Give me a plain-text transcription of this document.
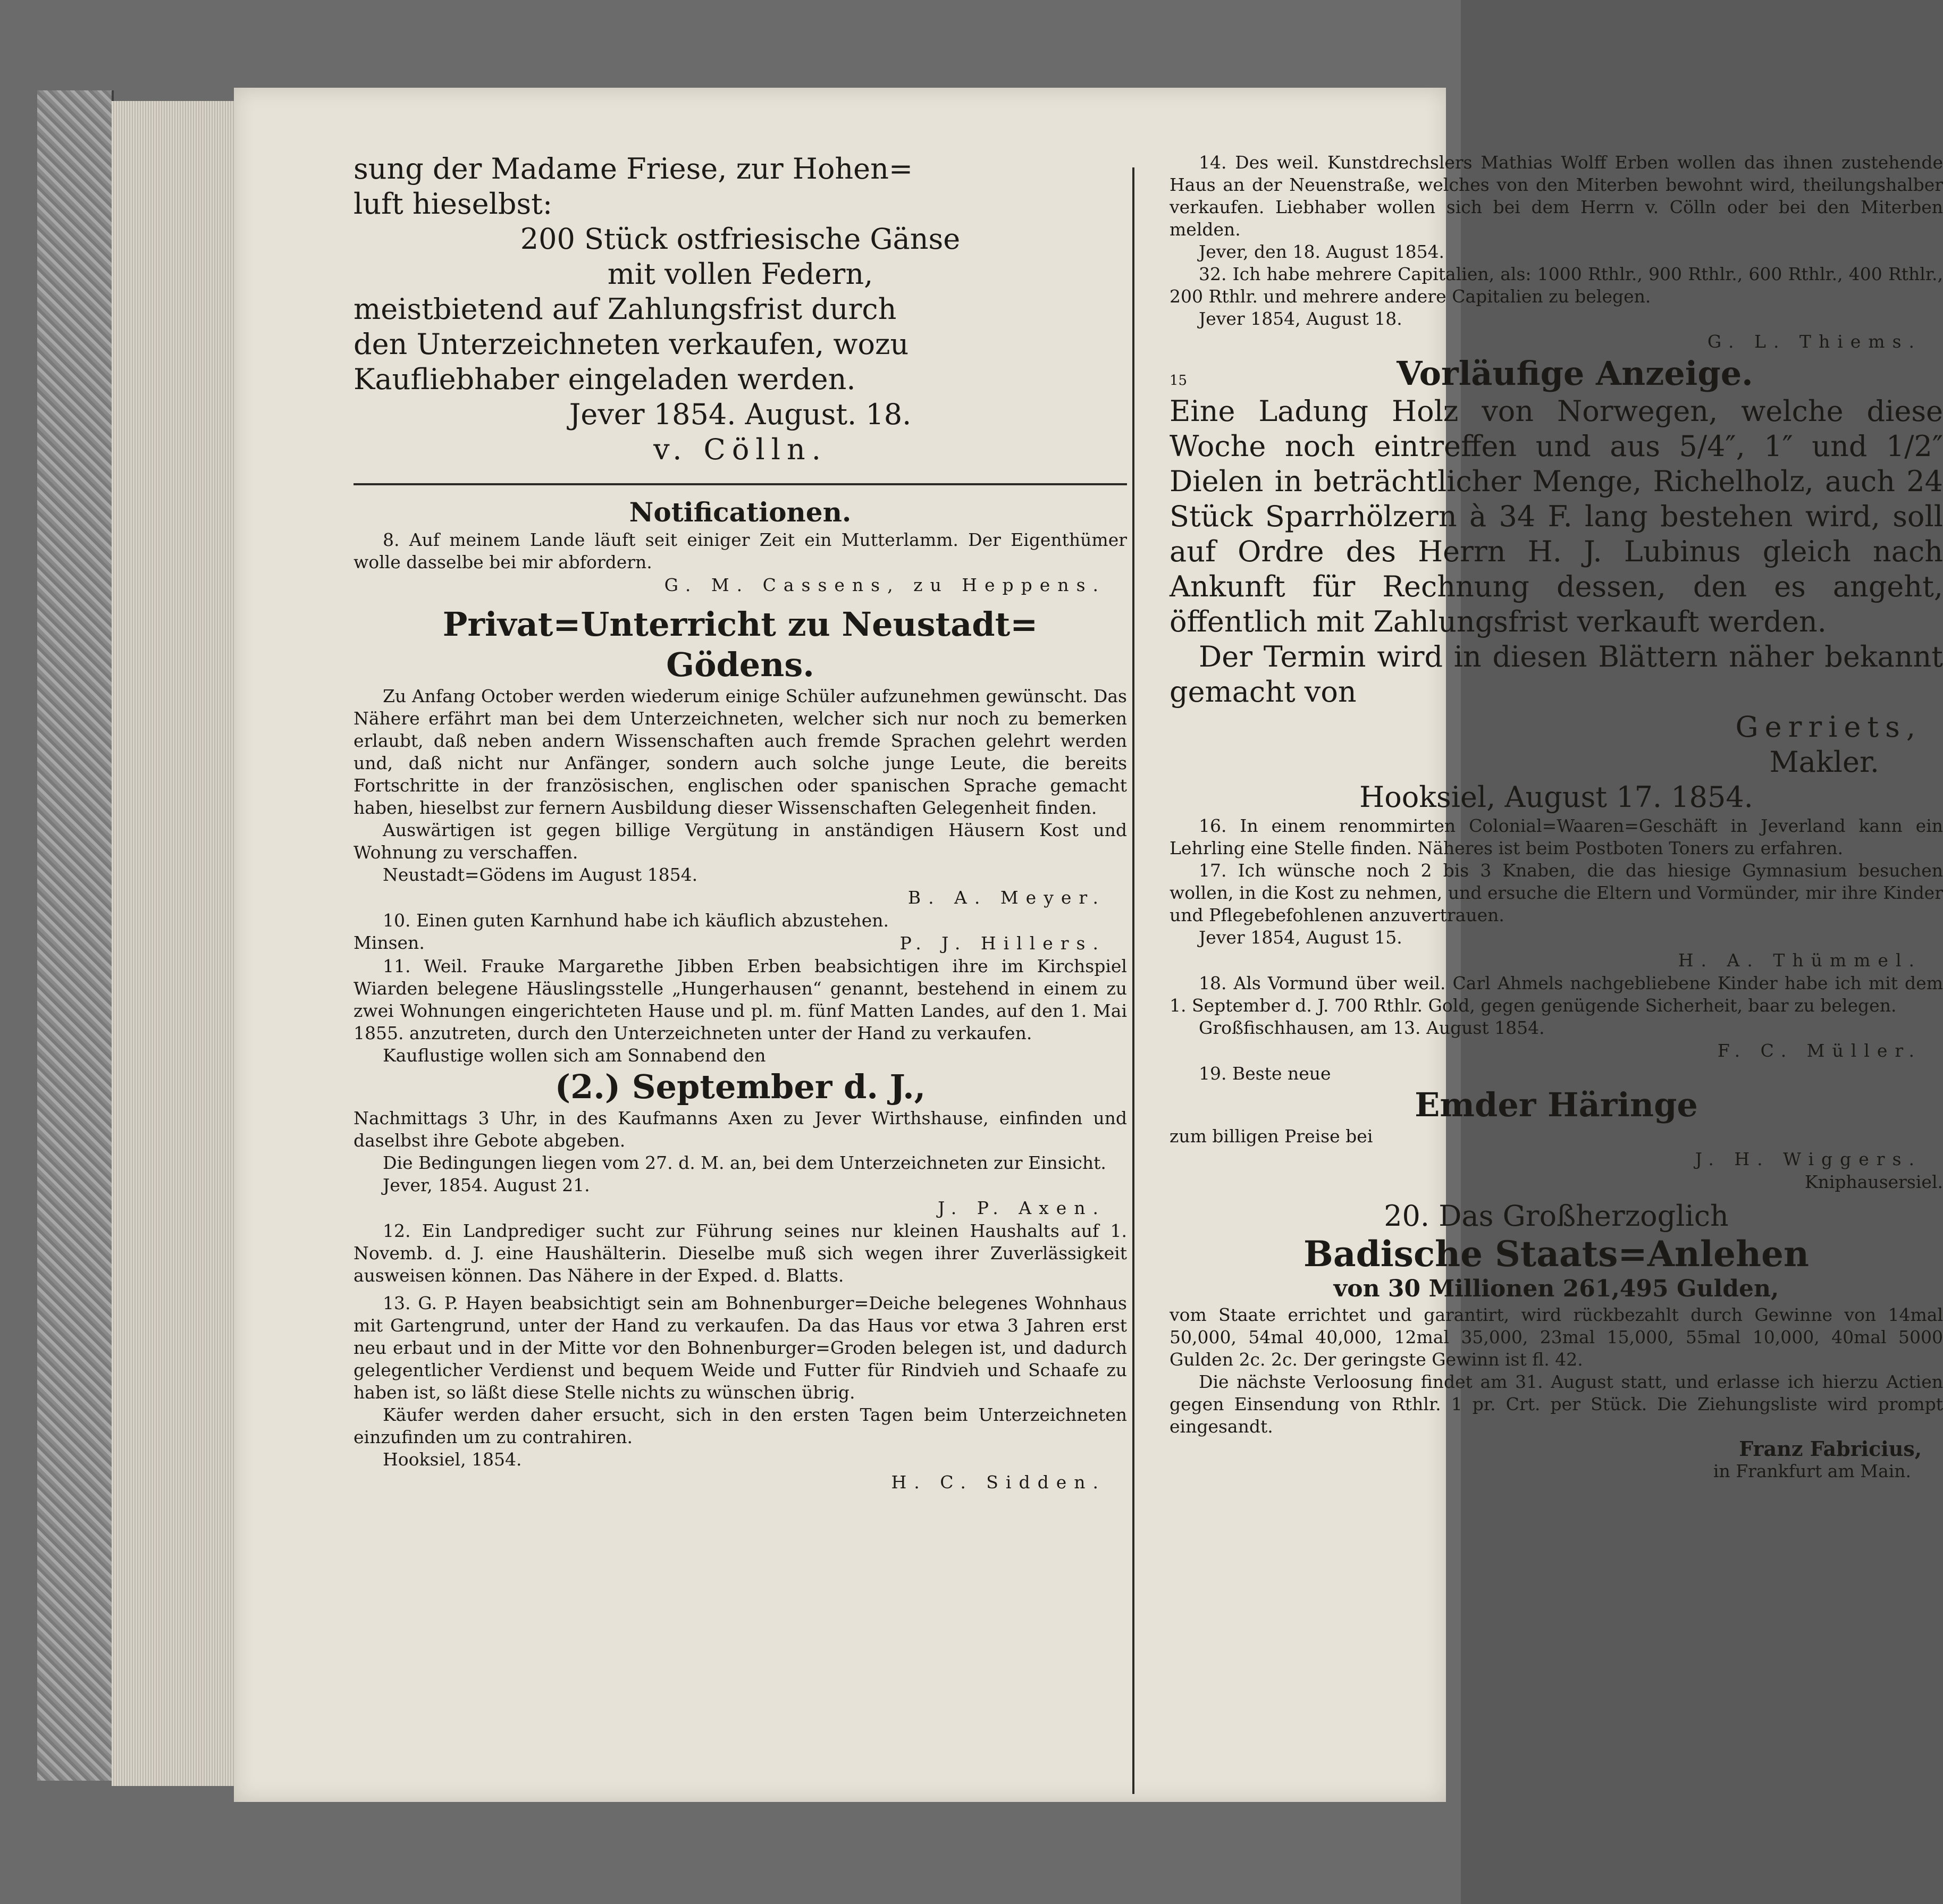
sung der Madame Friese, zur Hohen=

luft hieselbst:

200 Stück ostfriesische Gänse

mit vollen Federn,

meistbietend auf Zahlungsfrist durch

den Unterzeichneten verkaufen, wozu

Kaufliebhaber eingeladen werden.

Jever 1854. August. 18.

v. Cölln.

Notificationen.

8. Auf meinem Lande läuft seit einiger Zeit ein Mutterlamm. Der Eigenthümer wolle dasselbe bei mir abfordern.

G. M. Cassens, zu Heppens.

Privat=Unterricht zu Neustadt=

Gödens.

Zu Anfang October werden wiederum einige Schüler aufzunehmen gewünscht. Das Nähere erfährt man bei dem Unterzeichneten, welcher sich nur noch zu bemerken erlaubt, daß neben andern Wissenschaften auch fremde Sprachen gelehrt werden und, daß nicht nur Anfänger, sondern auch solche junge Leute, die bereits Fortschritte in der französischen, englischen oder spanischen Sprache gemacht haben, hieselbst zur fernern Ausbildung dieser Wissenschaften Gelegenheit finden.

Auswärtigen ist gegen billige Vergütung in anständigen Häusern Kost und Wohnung zu verschaffen.

Neustadt=Gödens im August 1854.

B. A. Meyer.

10. Einen guten Karnhund habe ich käuflich abzustehen.

Minsen.	P. J. Hillers.

11. Weil. Frauke Margarethe Jibben Erben beabsichtigen ihre im Kirchspiel Wiarden belegene Häuslingsstelle „Hungerhausen“ genannt, bestehend in einem zu zwei Wohnungen eingerichteten Hause und pl. m. fünf Matten Landes, auf den 1. Mai 1855. anzutreten, durch den Unterzeichneten unter der Hand zu verkaufen.

Kauflustige wollen sich am Sonnabend den

(2.) September d. J.,

Nachmittags 3 Uhr, in des Kaufmanns Axen zu Jever Wirthshause, einfinden und daselbst ihre Gebote abgeben.

Die Bedingungen liegen vom 27. d. M. an, bei dem Unterzeichneten zur Einsicht.

Jever, 1854. August 21.

J. P. Axen.

12. Ein Landprediger sucht zur Führung seines nur kleinen Haushalts auf 1. Novemb. d. J. eine Haushälterin. Dieselbe muß sich wegen ihrer Zuverlässigkeit ausweisen können. Das Nähere in der Exped. d. Blatts.

13. G. P. Hayen beabsichtigt sein am Bohnenburger=Deiche belegenes Wohnhaus mit Gartengrund, unter der Hand zu verkaufen. Da das Haus vor etwa 3 Jahren erst neu erbaut und in der Mitte vor den Bohnenburger=Groden belegen ist, und dadurch gelegentlicher Verdienst und bequem Weide und Futter für Rindvieh und Schaafe zu haben ist, so läßt diese Stelle nichts zu wünschen übrig.

Käufer werden daher ersucht, sich in den ersten Tagen beim Unterzeichneten einzufinden um zu contrahiren.

Hooksiel, 1854.

H. C. Sidden.

14. Des weil. Kunstdrechslers Mathias Wolff Erben wollen das ihnen zustehende Haus an der Neuenstraße, welches von den Miterben bewohnt wird, theilungshalber verkaufen. Liebhaber wollen sich bei dem Herrn v. Cölln oder bei den Miterben melden.

Jever, den 18. August 1854.

32. Ich habe mehrere Capitalien, als: 1000 Rthlr., 900 Rthlr., 600 Rthlr., 400 Rthlr., 200 Rthlr. und mehrere andere Capitalien zu belegen.

Jever 1854, August 18.

G. L. Thiems.

15	Vorläufige Anzeige.

Eine Ladung Holz von Norwegen, welche diese Woche noch eintreffen und aus 5/4″, 1″ und 1/2″ Dielen in beträchtlicher Menge, Richelholz, auch 24 Stück Sparrhölzern à 34 F. lang bestehen wird, soll auf Ordre des Herrn H. J. Lubinus gleich nach Ankunft für Rechnung dessen, den es angeht, öffentlich mit Zahlungsfrist verkauft werden.

Der Termin wird in diesen Blättern näher bekannt gemacht von

Gerriets,

Makler.

Hooksiel, August 17. 1854.

16. In einem renommirten Colonial=Waaren=Geschäft in Jeverland kann ein Lehrling eine Stelle finden. Näheres ist beim Postboten Toners zu erfahren.

17. Ich wünsche noch 2 bis 3 Knaben, die das hiesige Gymnasium besuchen wollen, in die Kost zu nehmen, und ersuche die Eltern und Vormünder, mir ihre Kinder und Pflegebefohlenen anzuvertrauen.

Jever 1854, August 15.

H. A. Thümmel.

18. Als Vormund über weil. Carl Ahmels nachgebliebene Kinder habe ich mit dem 1. September d. J. 700 Rthlr. Gold, gegen genügende Sicherheit, baar zu belegen.

Großfischhausen, am 13. August 1854.

F. C. Müller.

19. Beste neue

Emder Häringe

zum billigen Preise bei

J. H. Wiggers.

Kniphausersiel.

20. Das Großherzoglich

Badische Staats=Anlehen

von 30 Millionen 261,495 Gulden,

vom Staate errichtet und garantirt, wird rückbezahlt durch Gewinne von 14mal 50,000, 54mal 40,000, 12mal 35,000, 23mal 15,000, 55mal 10,000, 40mal 5000 Gulden 2c. 2c. Der geringste Gewinn ist fl. 42.

Die nächste Verloosung findet am 31. August statt, und erlasse ich hierzu Actien gegen Einsendung von Rthlr. 1 pr. Crt. per Stück. Die Ziehungsliste wird prompt eingesandt.

Franz Fabricius,

in Frankfurt am Main.
